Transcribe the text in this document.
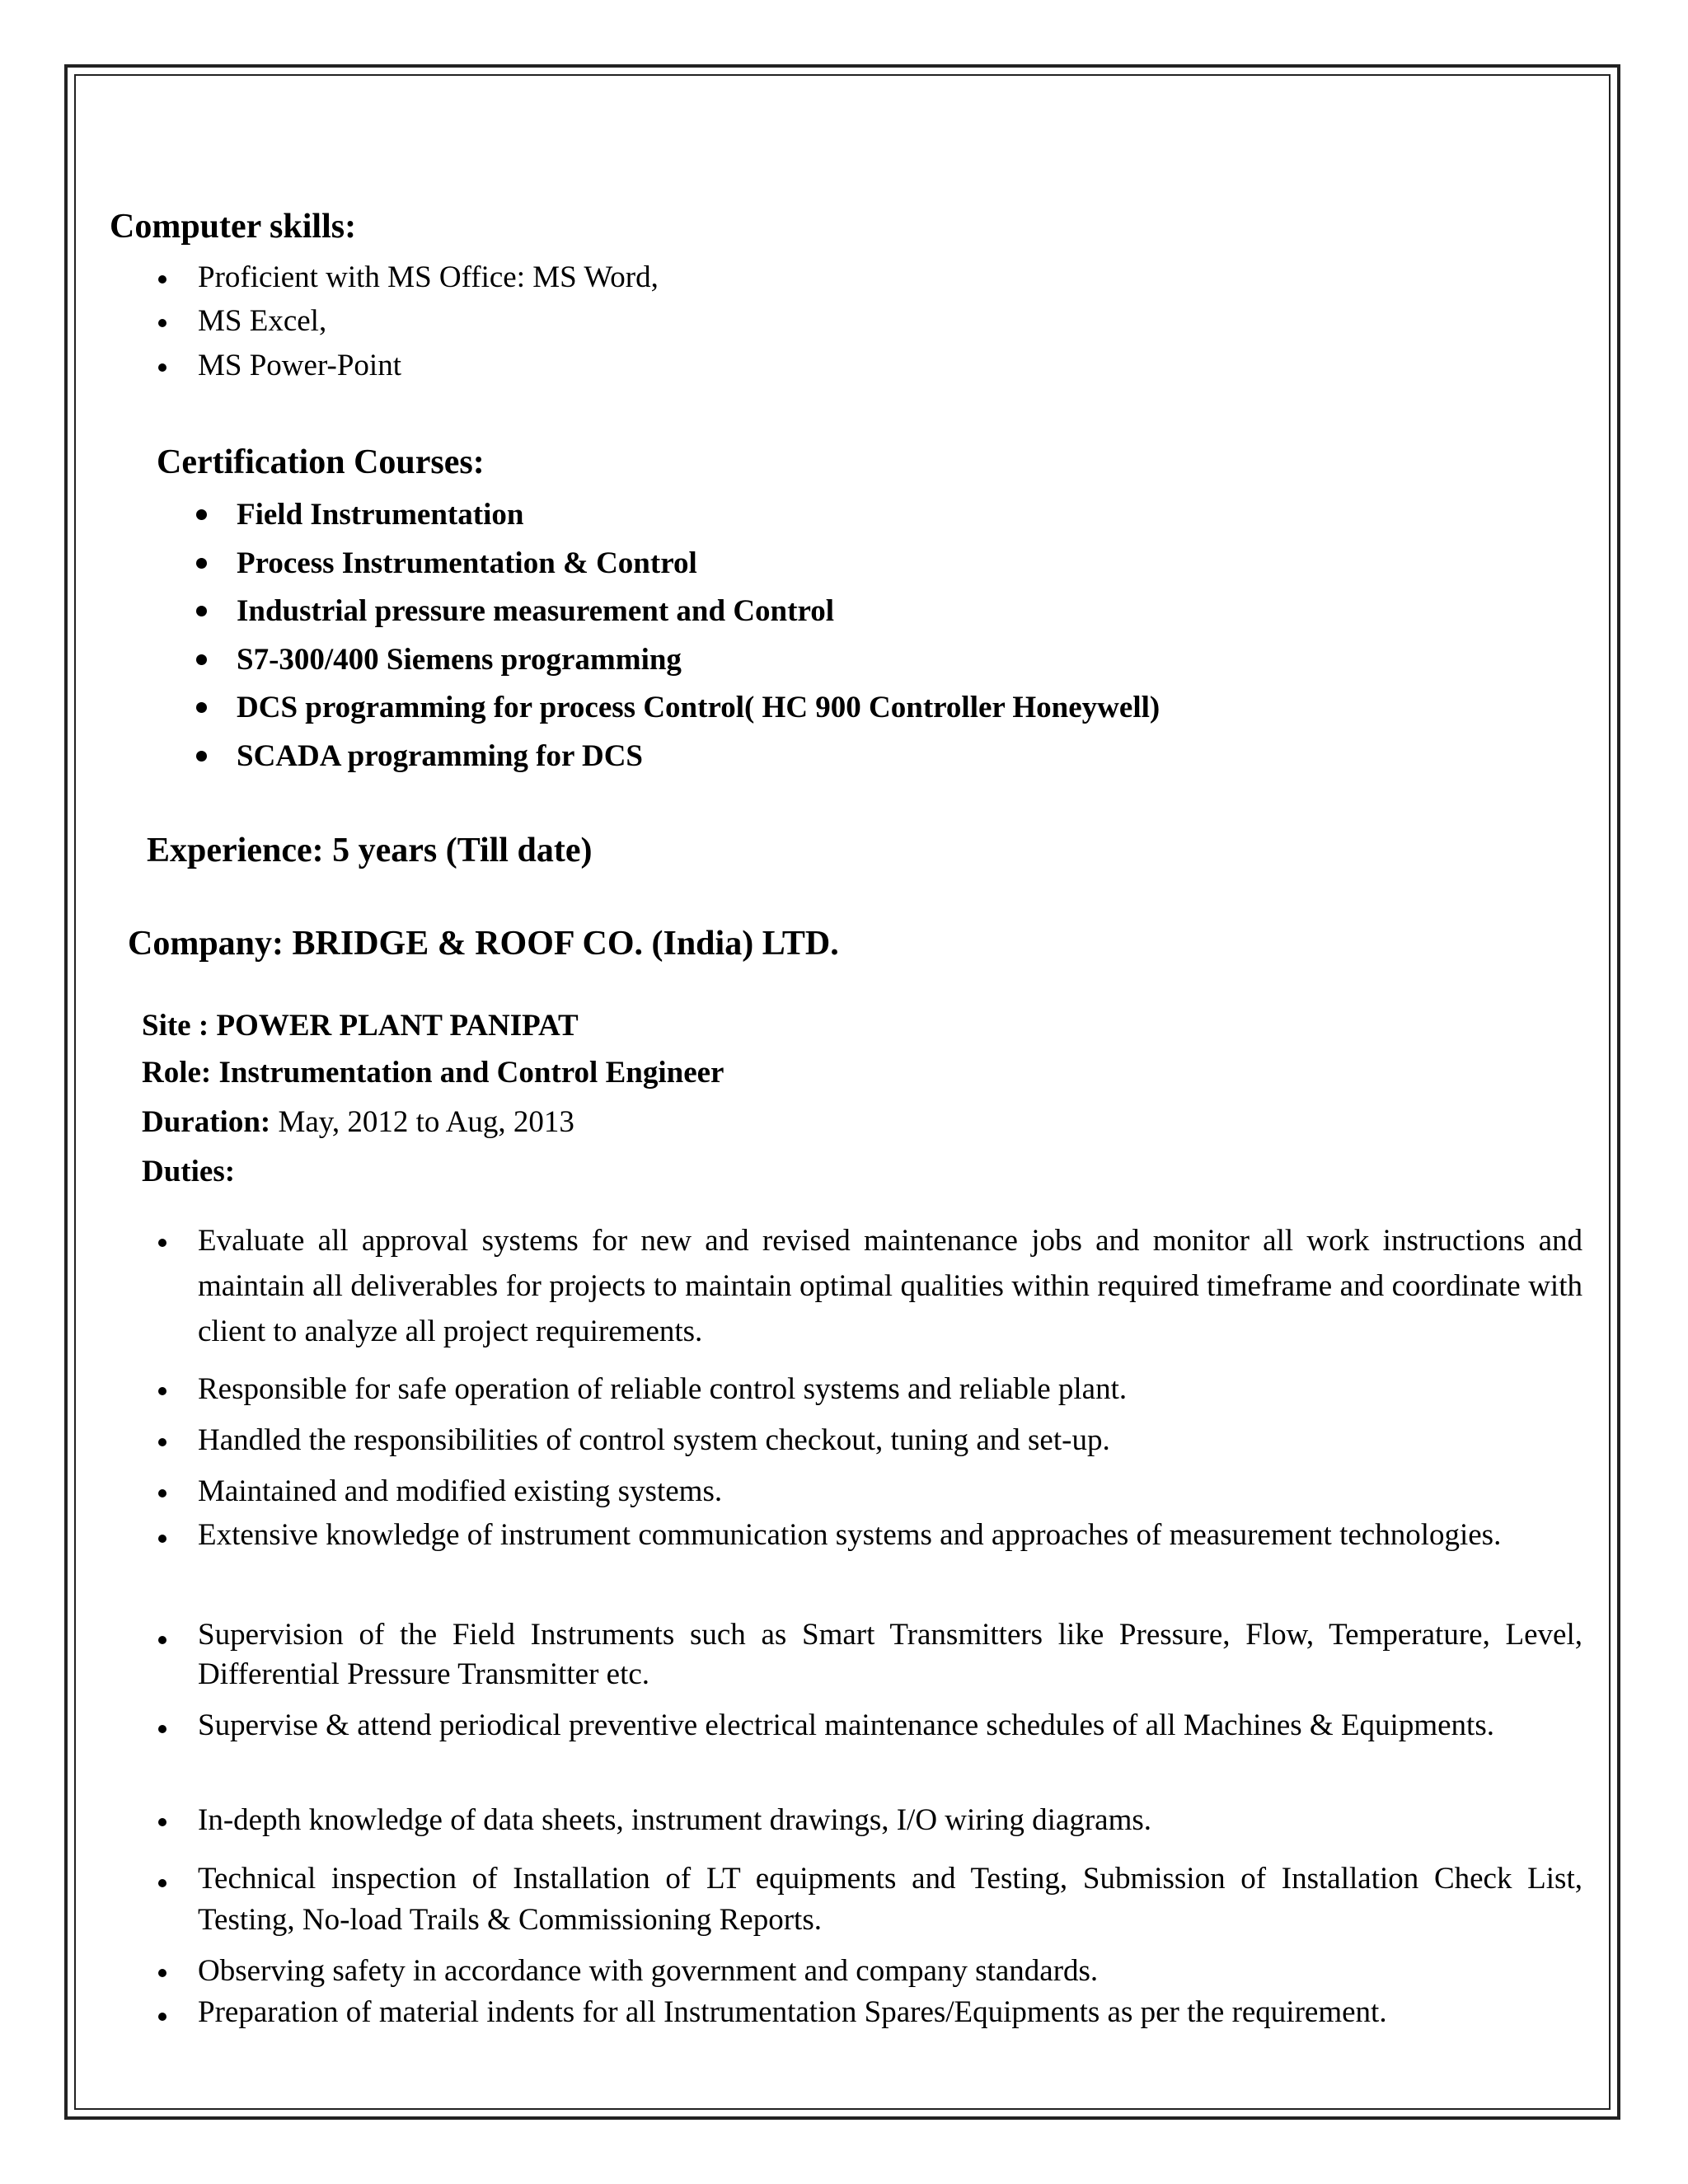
Computer skills:
Proficient with MS Office: MS Word,
MS Excel,
MS Power-Point
Certification Courses:
Field Instrumentation
Process Instrumentation & Control
Industrial pressure measurement and Control
S7-300/400 Siemens programming
DCS programming for process Control( HC 900 Controller Honeywell)
SCADA programming for DCS
Experience: 5 years (Till date)
Company: BRIDGE & ROOF CO. (India) LTD.
Site : POWER PLANT PANIPAT
Role: Instrumentation and Control Engineer
Duration: May, 2012 to Aug, 2013
Duties:
Evaluate all approval systems for new and revised maintenance jobs and monitor all work instructions and maintain all deliverables for projects to maintain optimal qualities within required timeframe and coordinate with client to analyze all project requirements.
Responsible for safe operation of reliable control systems and reliable plant.
Handled the responsibilities of control system checkout, tuning and set-up.
Maintained and modified existing systems.
Extensive knowledge of instrument communication systems and approaches of measurement technologies.
Supervision of the Field Instruments such as Smart Transmitters like Pressure, Flow, Temperature, Level, Differential Pressure Transmitter etc.
Supervise & attend periodical preventive electrical maintenance schedules of all Machines & Equipments.
In-depth knowledge of data sheets, instrument drawings, I/O wiring diagrams.
Technical inspection of Installation of LT equipments and Testing, Submission of Installation Check List, Testing, No-load Trails & Commissioning Reports.
Observing safety in accordance with government and company standards.
Preparation of material indents for all Instrumentation Spares/Equipments as per the requirement.
